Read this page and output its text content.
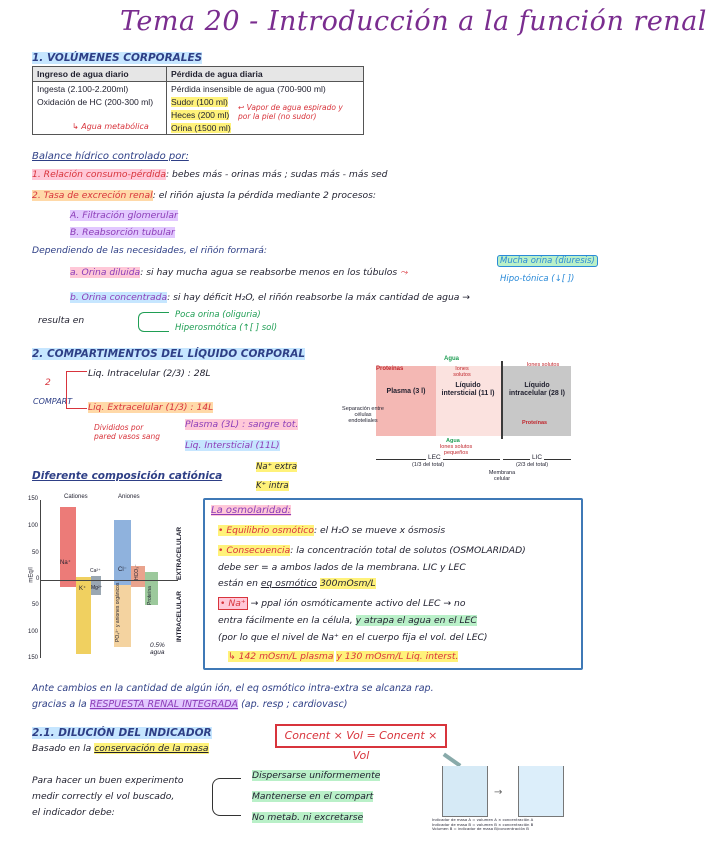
Tema 20 - Introducción a la función renal
1. VOLÚMENES CORPORALES
Ingreso de agua diario	Pérdida de agua diaria
Ingesta (2.100-2.200ml)	Pérdida insensible de agua (700-900 ml)
Oxidación de HC (200-300 ml)	Sudor (100 ml)
	Heces (200 ml)
	Orina (1500 ml)
↳ Agua metabólica
↩ Vapor de agua espirado y por la piel (no sudor)
Balance hídrico controlado por:
1. Relación consumo-pérdida: bebes más - orinas más ; sudas más - más sed
2. Tasa de excreción renal: el riñón ajusta la pérdida mediante 2 procesos:
A. Filtración glomerular
B. Reabsorción tubular
Dependiendo de las necesidades, el riñón formará:
a. Orina diluida: si hay mucha agua se reabsorbe menos en los túbulos ⤳
Mucha orina (diuresis)
Hipo-tónica (↓[ ])
b. Orina concentrada: si hay déficit H₂O, el riñón reabsorbe la máx cantidad de agua →
resulta en	Poca orina (oliguria)
Hiperosmótica (↑[ ] sol)
2. COMPARTIMENTOS DEL LÍQUIDO CORPORAL
2
COMPART
Liq. Intracelular (2/3) : 28L
Liq. Extracelular (1/3) : 14L
Divididos por pared vasos sang
Plasma (3L) : sangre tot.
Liq. Intersticial (11L)
Proteínas
Agua
Iones solutos
Iones solutos
Plasma (3 l)
Líquido intersticial (11 l)
Líquido intracelular (28 l)
Proteínas
Separación entre células endoteliales
Agua
Iones solutos pequeños
LEC	LIC
(1/3 del total)	(2/3 del total)
Membrana celular
Diferente composición catiónica
Na⁺ extra
K⁺ intra
Cationes	Aniones
mEq/l
150
100
50
0
50
100
150
Na⁺
Ca²⁺	Cl⁻
K⁺ Mg²⁺	PO₄³⁻ y aniones orgánicos
HCO₃⁻
Proteína
EXTRACELULAR
INTRACELULAR
0.5% agua
La osmolaridad:
• Equilibrio osmótico: el H₂O se mueve x ósmosis
• Consecuencia: la concentración total de solutos (OSMOLARIDAD)
debe ser = a ambos lados de la membrana. LIC y LEC
están en eq osmótico 300mOsm/L
• Na⁺ → ppal ión osmóticamente activo del LEC → no
entra fácilmente en la célula, y atrapa el agua en el LEC
(por lo que el nivel de Na⁺ en el cuerpo fija el vol. del LEC)
↳ 142 mOsm/L plasma y 130 mOsm/L Liq. interst.
Ante cambios en la cantidad de algún ión, el eq osmótico intra-extra se alcanza rap.
gracias a la RESPUESTA RENAL INTEGRADA (ap. resp ; cardiovasc)
2.1. DILUCIÓN DEL INDICADOR
Basado en la conservación de la masa
Concent × Vol = Concent × Vol
Para hacer un buen experimento
medir correctly el vol buscado,
el indicador debe:
Dispersarse uniformemente
Mantenerse en el compart
No metab. ni excretarse
→
Indicador de masa A = volumen A × concentración A
Indicador de masa B = volumen B × concentración B
Volumen B = indicador de masa B/concentración B
